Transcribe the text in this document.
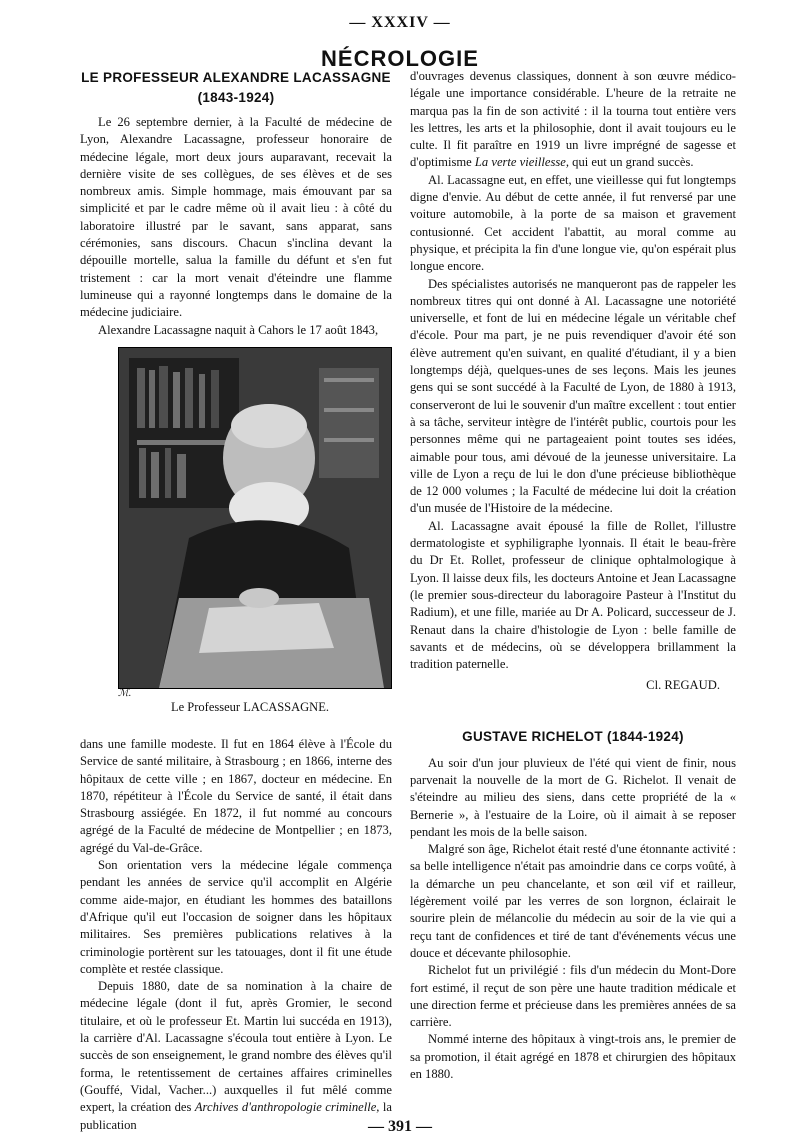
— XXXIV —
NÉCROLOGIE
LE PROFESSEUR ALEXANDRE LACASSAGNE
(1843-1924)

Le 26 septembre dernier, à la Faculté de médecine de Lyon, Alexandre Lacassagne, professeur honoraire de médecine légale, mort deux jours auparavant, recevait la dernière visite de ses collègues, de ses élèves et de ses nombreux amis. Simple hommage, mais émouvant par sa simplicité et par le cadre même où il avait lieu : à côté du laboratoire illustré par le savant, sans apparat, sans cérémonies, sans discours. Chacun s'inclina devant la dépouille mortelle, salua la famille du défunt et s'en fut tristement : car la mort venait d'éteindre une flamme lumineuse qui a rayonné longtemps dans le domaine de la médecine judiciaire.

Alexandre Lacassagne naquit à Cahors le 17 août 1843,

Le Professeur LACASSAGNE.
ℳ.

dans une famille modeste. Il fut en 1864 élève à l'École du Service de santé militaire, à Strasbourg ; en 1866, interne des hôpitaux de cette ville ; en 1867, docteur en médecine. En 1870, répétiteur à l'École du Service de santé, il était dans Strasbourg assiégée. En 1872, il fut nommé au concours agrégé de la Faculté de médecine de Montpellier ; en 1873, agrégé du Val-de-Grâce.

Son orientation vers la médecine légale commença pendant les années de service qu'il accomplit en Algérie comme aide-major, en étudiant les hommes des bataillons d'Afrique qu'il eut l'occasion de soigner dans les hôpitaux militaires. Ses premières publications relatives à la criminologie portèrent sur les tatouages, dont il fit une étude complète et restée classique.

Depuis 1880, date de sa nomination à la chaire de médecine légale (dont il fut, après Gromier, le second titulaire, et où le professeur Et. Martin lui succéda en 1913), la carrière d'Al. Lacassagne s'écoula tout entière à Lyon. Le succès de son enseignement, le grand nombre des élèves qu'il forma, le retentissement de certaines affaires criminelles (Gouffé, Vidal, Vacher...) auxquelles il fut mêlé comme expert, la création des Archives d'anthropologie criminelle, la publication

d'ouvrages devenus classiques, donnent à son œuvre médico-légale une importance considérable. L'heure de la retraite ne marqua pas la fin de son activité : il la tourna tout entière vers les lettres, les arts et la philosophie, dont il avait toujours eu le culte. Il fit paraître en 1919 un livre imprégné de sagesse et d'optimisme La verte vieillesse, qui eut un grand succès.

Al. Lacassagne eut, en effet, une vieillesse qui fut longtemps digne d'envie. Au début de cette année, il fut renversé par une voiture automobile, à la porte de sa maison et gravement contusionné. Cet accident l'abattit, au moral comme au physique, et précipita la fin d'une longue vie, qu'on espérait plus longue encore.

Des spécialistes autorisés ne manqueront pas de rappeler les nombreux titres qui ont donné à Al. Lacassagne une notoriété universelle, et font de lui en médecine légale un véritable chef d'école. Pour ma part, je ne puis revendiquer d'avoir été son élève autrement qu'en suivant, en qualité d'étudiant, il y a bien longtemps déjà, quelques-unes de ses leçons. Mais les jeunes gens qui se sont succédé à la Faculté de Lyon, de 1880 à 1913, conserveront de lui le souvenir d'un maître excellent : tout entier à sa tâche, serviteur intègre de l'intérêt public, courtois pour les personnes même qui ne partageaient point toutes ses idées, aimable pour tous, ami dévoué de la jeunesse universitaire. La ville de Lyon a reçu de lui le don d'une précieuse bibliothèque de 12 000 volumes ; la Faculté de médecine lui doit la création d'un musée de l'Histoire de la médecine.

Al. Lacassagne avait épousé la fille de Rollet, l'illustre dermatologiste et syphiligraphe lyonnais. Il était le beau-frère du Dr Et. Rollet, professeur de clinique ophtalmologique à Lyon. Il laisse deux fils, les docteurs Antoine et Jean Lacassagne (le premier sous-directeur du laboragoire Pasteur à l'Institut du Radium), et une fille, mariée au Dr A. Policard, successeur de J. Renaut dans la chaire d'histologie de Lyon : belle famille de savants et de médecins, où se développera brillamment la tradition paternelle.

Cl. REGAUD.
GUSTAVE RICHELOT (1844-1924)

Au soir d'un jour pluvieux de l'été qui vient de finir, nous parvenait la nouvelle de la mort de G. Richelot. Il venait de s'éteindre au milieu des siens, dans cette propriété de la « Bernerie », à l'estuaire de la Loire, où il aimait à se reposer pendant les mois de la belle saison.

Malgré son âge, Richelot était resté d'une étonnante activité : sa belle intelligence n'était pas amoindrie dans ce corps voûté, à la démarche un peu chancelante, et son œil vif et railleur, légèrement voilé par les verres de son lorgnon, éclairait le sourire plein de mélancolie du médecin au soir de la vie qui a reçu tant de confidences et tiré de tant d'événements vécus une douce et décevante philosophie.

Richelot fut un privilégié : fils d'un médecin du Mont-Dore fort estimé, il reçut de son père une haute tradition médicale et une direction ferme et précieuse dans les premières années de sa carrière.

Nommé interne des hôpitaux à vingt-trois ans, le premier de sa promotion, il était agrégé en 1878 et chirurgien des hôpitaux en 1880.

— 391 —
